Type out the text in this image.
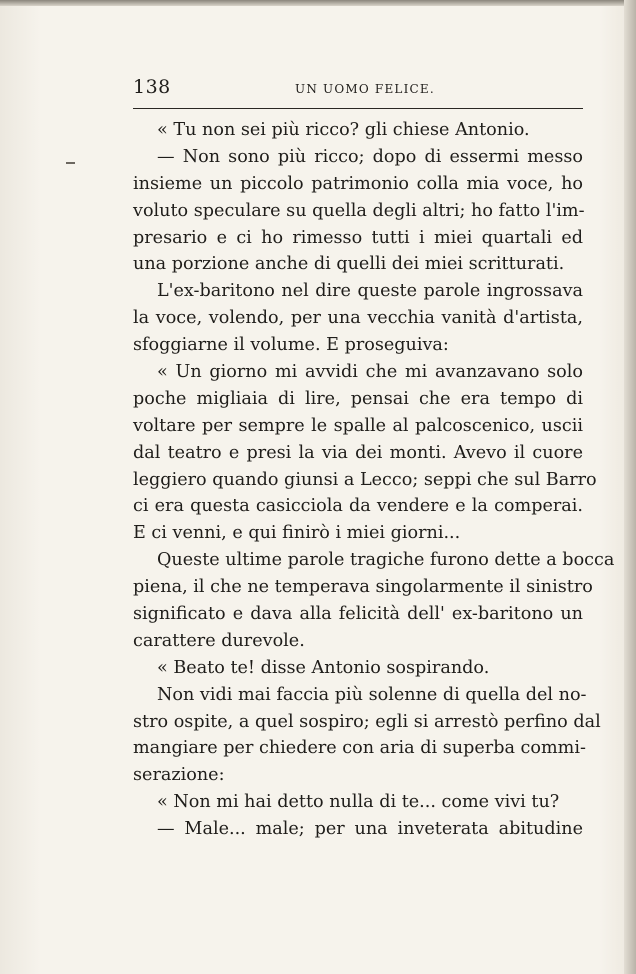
138	UN UOMO FELICE.
« Tu non sei più ricco? gli chiese Antonio.
— Non sono più ricco; dopo di essermi messo
insieme un piccolo patrimonio colla mia voce, ho
voluto speculare su quella degli altri; ho fatto l'im-
presario e ci ho rimesso tutti i miei quartali ed
una porzione anche di quelli dei miei scritturati.
L'ex-baritono nel dire queste parole ingrossava
la voce, volendo, per una vecchia vanità d'artista,
sfoggiarne il volume. E proseguiva:
« Un giorno mi avvidi che mi avanzavano solo
poche migliaia di lire, pensai che era tempo di
voltare per sempre le spalle al palcoscenico, uscii
dal teatro e presi la via dei monti. Avevo il cuore
leggiero quando giunsi a Lecco; seppi che sul Barro
ci era questa casicciola da vendere e la comperai.
E ci venni, e qui finirò i miei giorni...
Queste ultime parole tragiche furono dette a bocca
piena, il che ne temperava singolarmente il sinistro
significato e dava alla felicità dell' ex-baritono un
carattere durevole.
« Beato te! disse Antonio sospirando.
Non vidi mai faccia più solenne di quella del no-
stro ospite, a quel sospiro; egli si arrestò perfino dal
mangiare per chiedere con aria di superba commi-
serazione:
« Non mi hai detto nulla di te... come vivi tu?
— Male... male; per una inveterata abitudine
